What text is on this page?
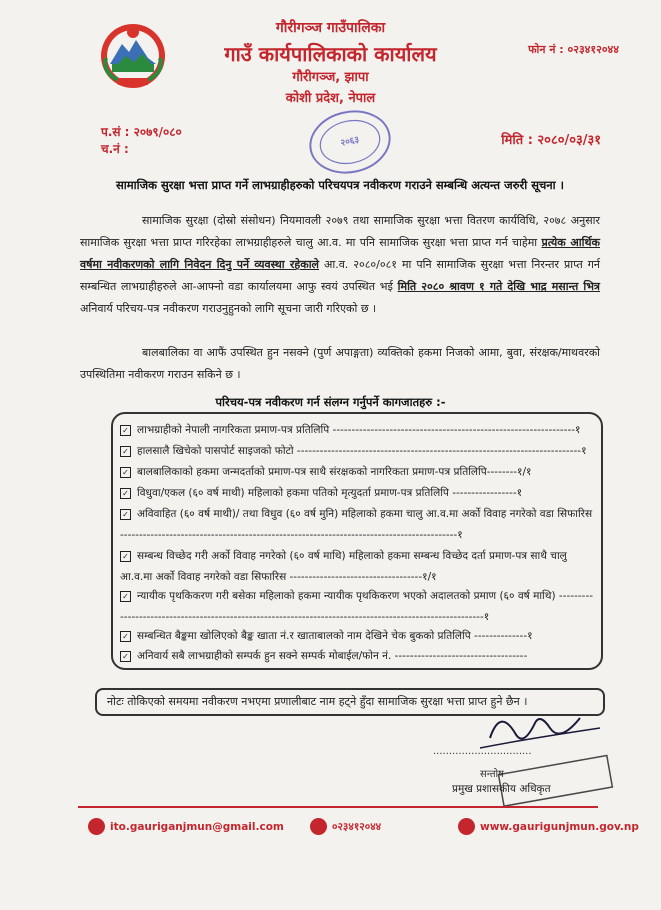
गौरीगञ्ज गाउँपालिका
गाउँ कार्यपालिकाको कार्यालय
गौरीगञ्ज, झापा
कोशी प्रदेश, नेपाल
फोन नं : ०२३४१२०४४
२०६३
प.सं : २०७९/०८०
च.नं :
मिति : २०८०/०३/३१
सामाजिक सुरक्षा भत्ता प्राप्त गर्ने लाभग्राहीहरुको परिचयपत्र नवीकरण गराउने सम्बन्धि अत्यन्त जरुरी सूचना ।

सामाजिक सुरक्षा (दोस्रो संसोधन) नियमावली २०७९ तथा सामाजिक सुरक्षा भत्ता वितरण कार्यविधि, २०७८ अनुसार सामाजिक सुरक्षा भत्ता प्राप्त गरिरहेका लाभग्राहीहरुले चालु आ.व. मा पनि सामाजिक सुरक्षा भत्ता प्राप्त गर्न चाहेमा प्रत्येक आर्थिक वर्षमा नवीकरणको लागि निवेदन दिनु पर्ने व्यवस्था रहेकाले आ.व. २०८०/०८१ मा पनि सामाजिक सुरक्षा भत्ता निरन्तर प्राप्त गर्न सम्बन्धित लाभग्राहीहरुले आ-आफ्नो वडा कार्यालयमा आफु स्वयं उपस्थित भई मिति २०८० श्रावण १ गते देखि भाद्र मसान्त भित्र अनिवार्य परिचय-पत्र नवीकरण गराउनुहुनको लागि सूचना जारी गरिएको छ ।

बालबालिका वा आफैं उपस्थित हुन नसक्ने (पुर्ण अपाङ्गता) व्यक्तिको हकमा निजको आमा, बुवा, संरक्षक/माथवरको उपस्थितिमा नवीकरण गराउन सकिने छ ।

परिचय-पत्र नवीकरण गर्न संलग्न गर्नुपर्ने कागजातहरु :-
✓ लाभग्राहीको नेपाली नागरिकता प्रमाण-पत्र प्रतिलिपि ----------------------------------------------------------------१
✓ हालसालै खिचेको पासपोर्ट साइजको फोटो ---------------------------------------------------------------------------१
✓ बालबालिकाको हकमा जन्मदर्ताको प्रमाण-पत्र साथै संरक्षकको नागरिकता प्रमाण-पत्र प्रतिलिपि--------१/१
✓ विधुवा/एकल (६० वर्ष माथी) महिलाको हकमा पतिको मृत्युदर्ता प्रमाण-पत्र प्रतिलिपि -----------------१
✓ अविवाहित (६० वर्ष माथी)/ तथा विधुव (६० वर्ष मुनि) महिलाको हकमा चालु आ.व.मा अर्को विवाह नगरेको वडा सिफारिस -----------------------------------------------------------------------------------------१
✓ सम्बन्ध विच्छेद गरी अर्को विवाह नगरेको (६० वर्ष माथि) महिलाको हकमा सम्बन्ध विच्छेद दर्ता प्रमाण-पत्र साथै चालु आ.व.मा अर्को विवाह नगरेको वडा सिफारिस -----------------------------------१/१
✓ न्यायीक पृथकिकरण गरी बसेका महिलाको हकमा न्यायीक पृथकिकरण भएको अदालतको प्रमाण (६० वर्ष माथि) ---------------------------------------------------------------------------------------------------------१
✓ सम्बन्धित बैङ्कमा खोलिएको बैङ्क खाता नं.र खाताबालको नाम देखिने चेक बुकको प्रतिलिपि --------------१
✓ अनिवार्य सबै लाभग्राहीको सम्पर्क हुन सक्ने सम्पर्क मोबाईल/फोन नं. -----------------------------------
नोटः तोकिएको समयमा नवीकरण नभएमा प्रणालीबाट नाम हट्ने हुँदा सामाजिक सुरक्षा भत्ता प्राप्त हुने छैन ।
...............................
सन्तोष
प्रमुख प्रशासकीय अधिकृत
ito.gauriganjmun@gmail.com	०२३४१२०४४	www.gaurigunjmun.gov.np
